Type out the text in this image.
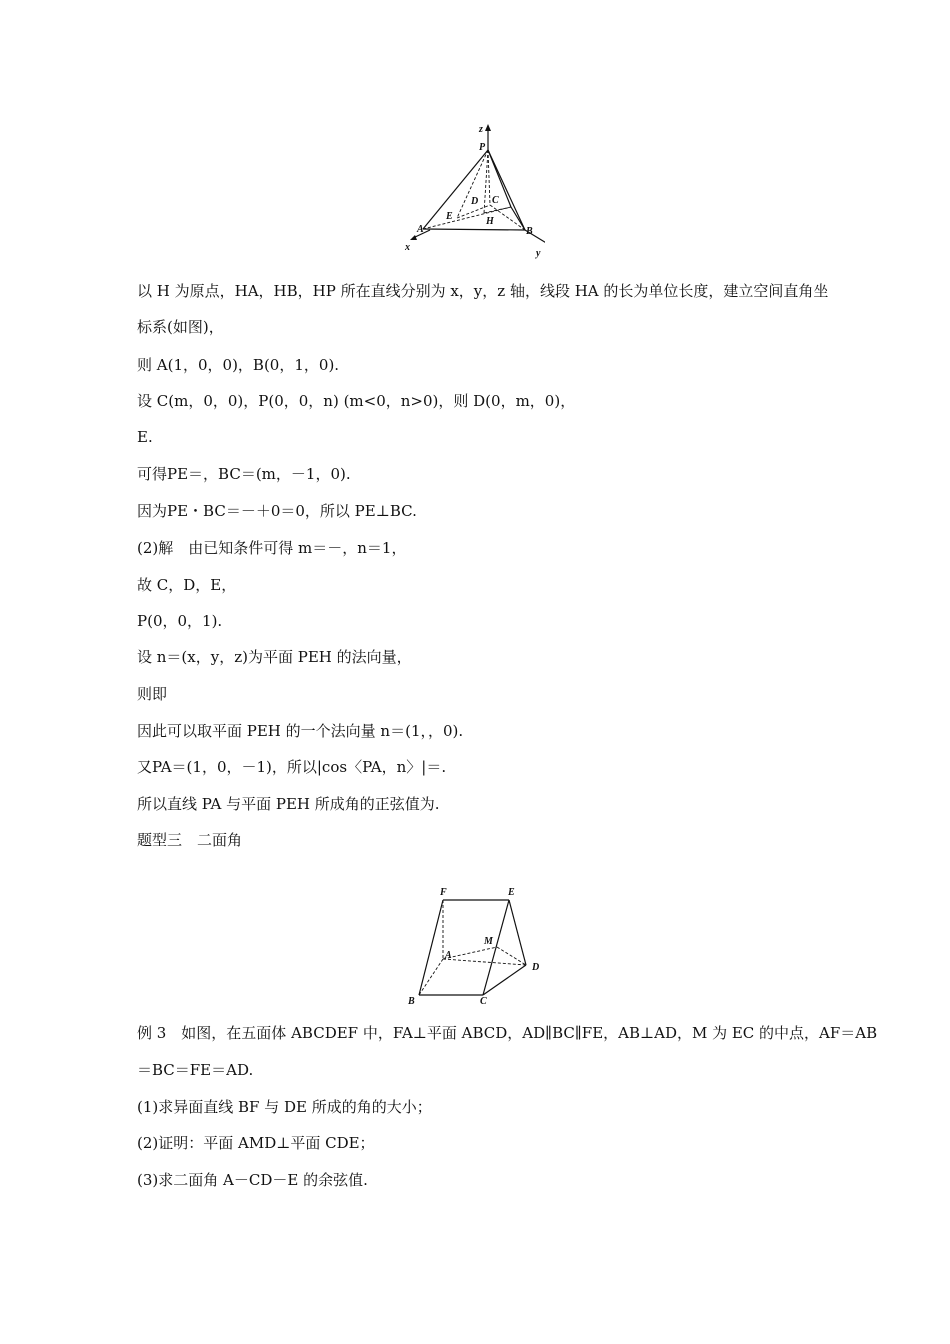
z
P
D C
E	H
A	B
x
y
F	E
M
A
D
B	C
以 H 为原点，HA，HB，HP 所在直线分别为 x，y，z 轴，线段 HA 的长为单位长度，建立空间直角坐
标系(如图)，
则 A(1，0，0)，B(0，1，0).
设 C(m，0，0)，P(0，0，n) (m<0，n>0)，则 D(0，m，0)，
E.
可得PE＝，BC＝(m，－1，0).
因为PE・BC＝－＋0＝0，所以 PE⊥BC.
(2)解　由已知条件可得 m＝－，n＝1，
故 C，D，E，
P(0，0，1).
设 n＝(x，y，z)为平面 PEH 的法向量，
则即
因此可以取平面 PEH 的一个法向量 n＝(1，，0).
又PA＝(1，0，－1)，所以|cos〈PA，n〉|＝.
所以直线 PA 与平面 PEH 所成角的正弦值为.
题型三　二面角
例 3　如图，在五面体 ABCDEF 中，FA⊥平面 ABCD，AD∥BC∥FE，AB⊥AD，M 为 EC 的中点，AF＝AB
＝BC＝FE＝AD.
(1)求异面直线 BF 与 DE 所成的角的大小；
(2)证明：平面 AMD⊥平面 CDE；
(3)求二面角 A－CD－E 的余弦值.
